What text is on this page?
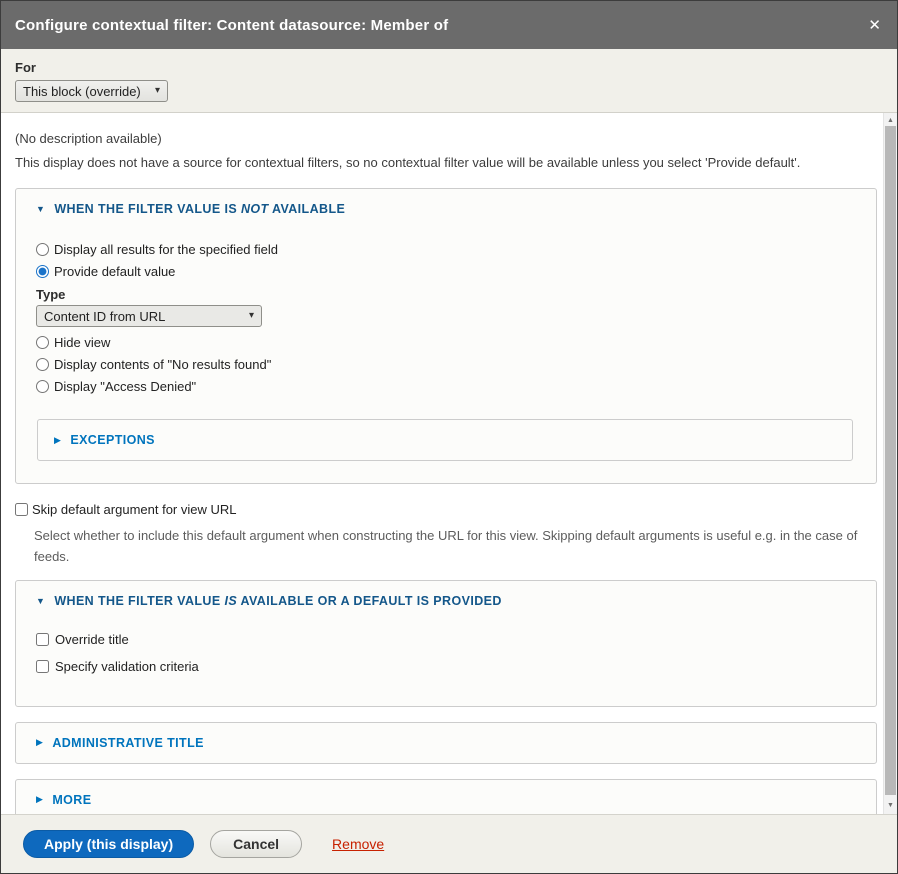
Configure contextual filter: Content datasource: Member of	✕
For
This block (override)
▾

(No description available)

This display does not have a source for contextual filters, so no contextual filter value will be available unless you select 'Provide default'.

▼ WHEN THE FILTER VALUE IS NOT AVAILABLE
Display all results for the specified field
Provide default value
Type
Content ID from URL
▾
Hide view
Display contents of "No results found"
Display "Access Denied"
▶ EXCEPTIONS
Skip default argument for view URL
Select whether to include this default argument when constructing the URL for this view. Skipping default arguments is useful e.g. in the case of feeds.
▼ WHEN THE FILTER VALUE IS AVAILABLE OR A DEFAULT IS PROVIDED
Override title
Specify validation criteria
▶ ADMINISTRATIVE TITLE
▶ MORE
▲
▼
Apply (this display)	Cancel	Remove
